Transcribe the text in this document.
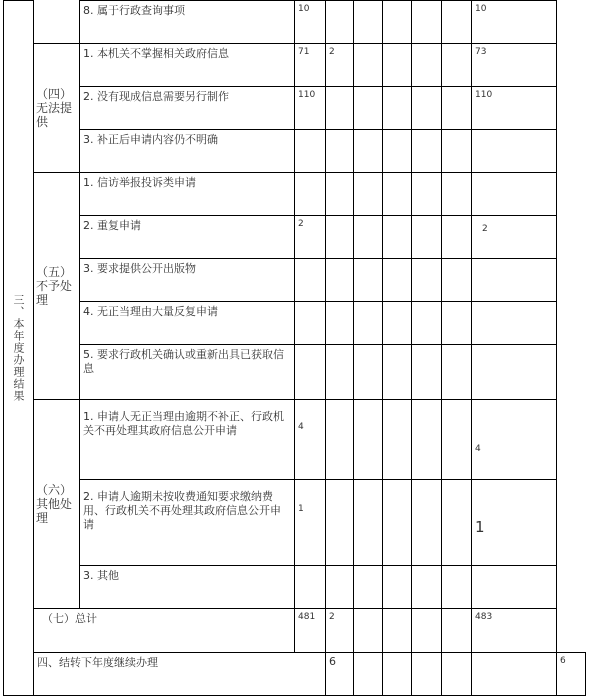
三、本年度办理结果		8. 属于行政查询事项	10						10	
	（四）无法提供	1. 本机关不掌握相关政府信息	71	2					73	
		2. 没有现成信息需要另行制作	110						110	
		3. 补正后申请内容仍不明确								
	（五）不予处理	1. 信访举报投诉类申请								
		2. 重复申请	2						2	
		3. 要求提供公开出版物								
		4. 无正当理由大量反复申请								
		5. 要求行政机关确认或重新出具已获取信息								
	（六）其他处理	1. 申请人无正当理由逾期不补正、行政机关不再处理其政府信息公开申请	4						4	
		2. 申请人逾期未按收费通知要求缴纳费用、行政机关不再处理其政府信息公开申请	1						1	
		3. 其他								
	（七）总计		481	2					483	
	四、结转下年度继续办理			6						6
